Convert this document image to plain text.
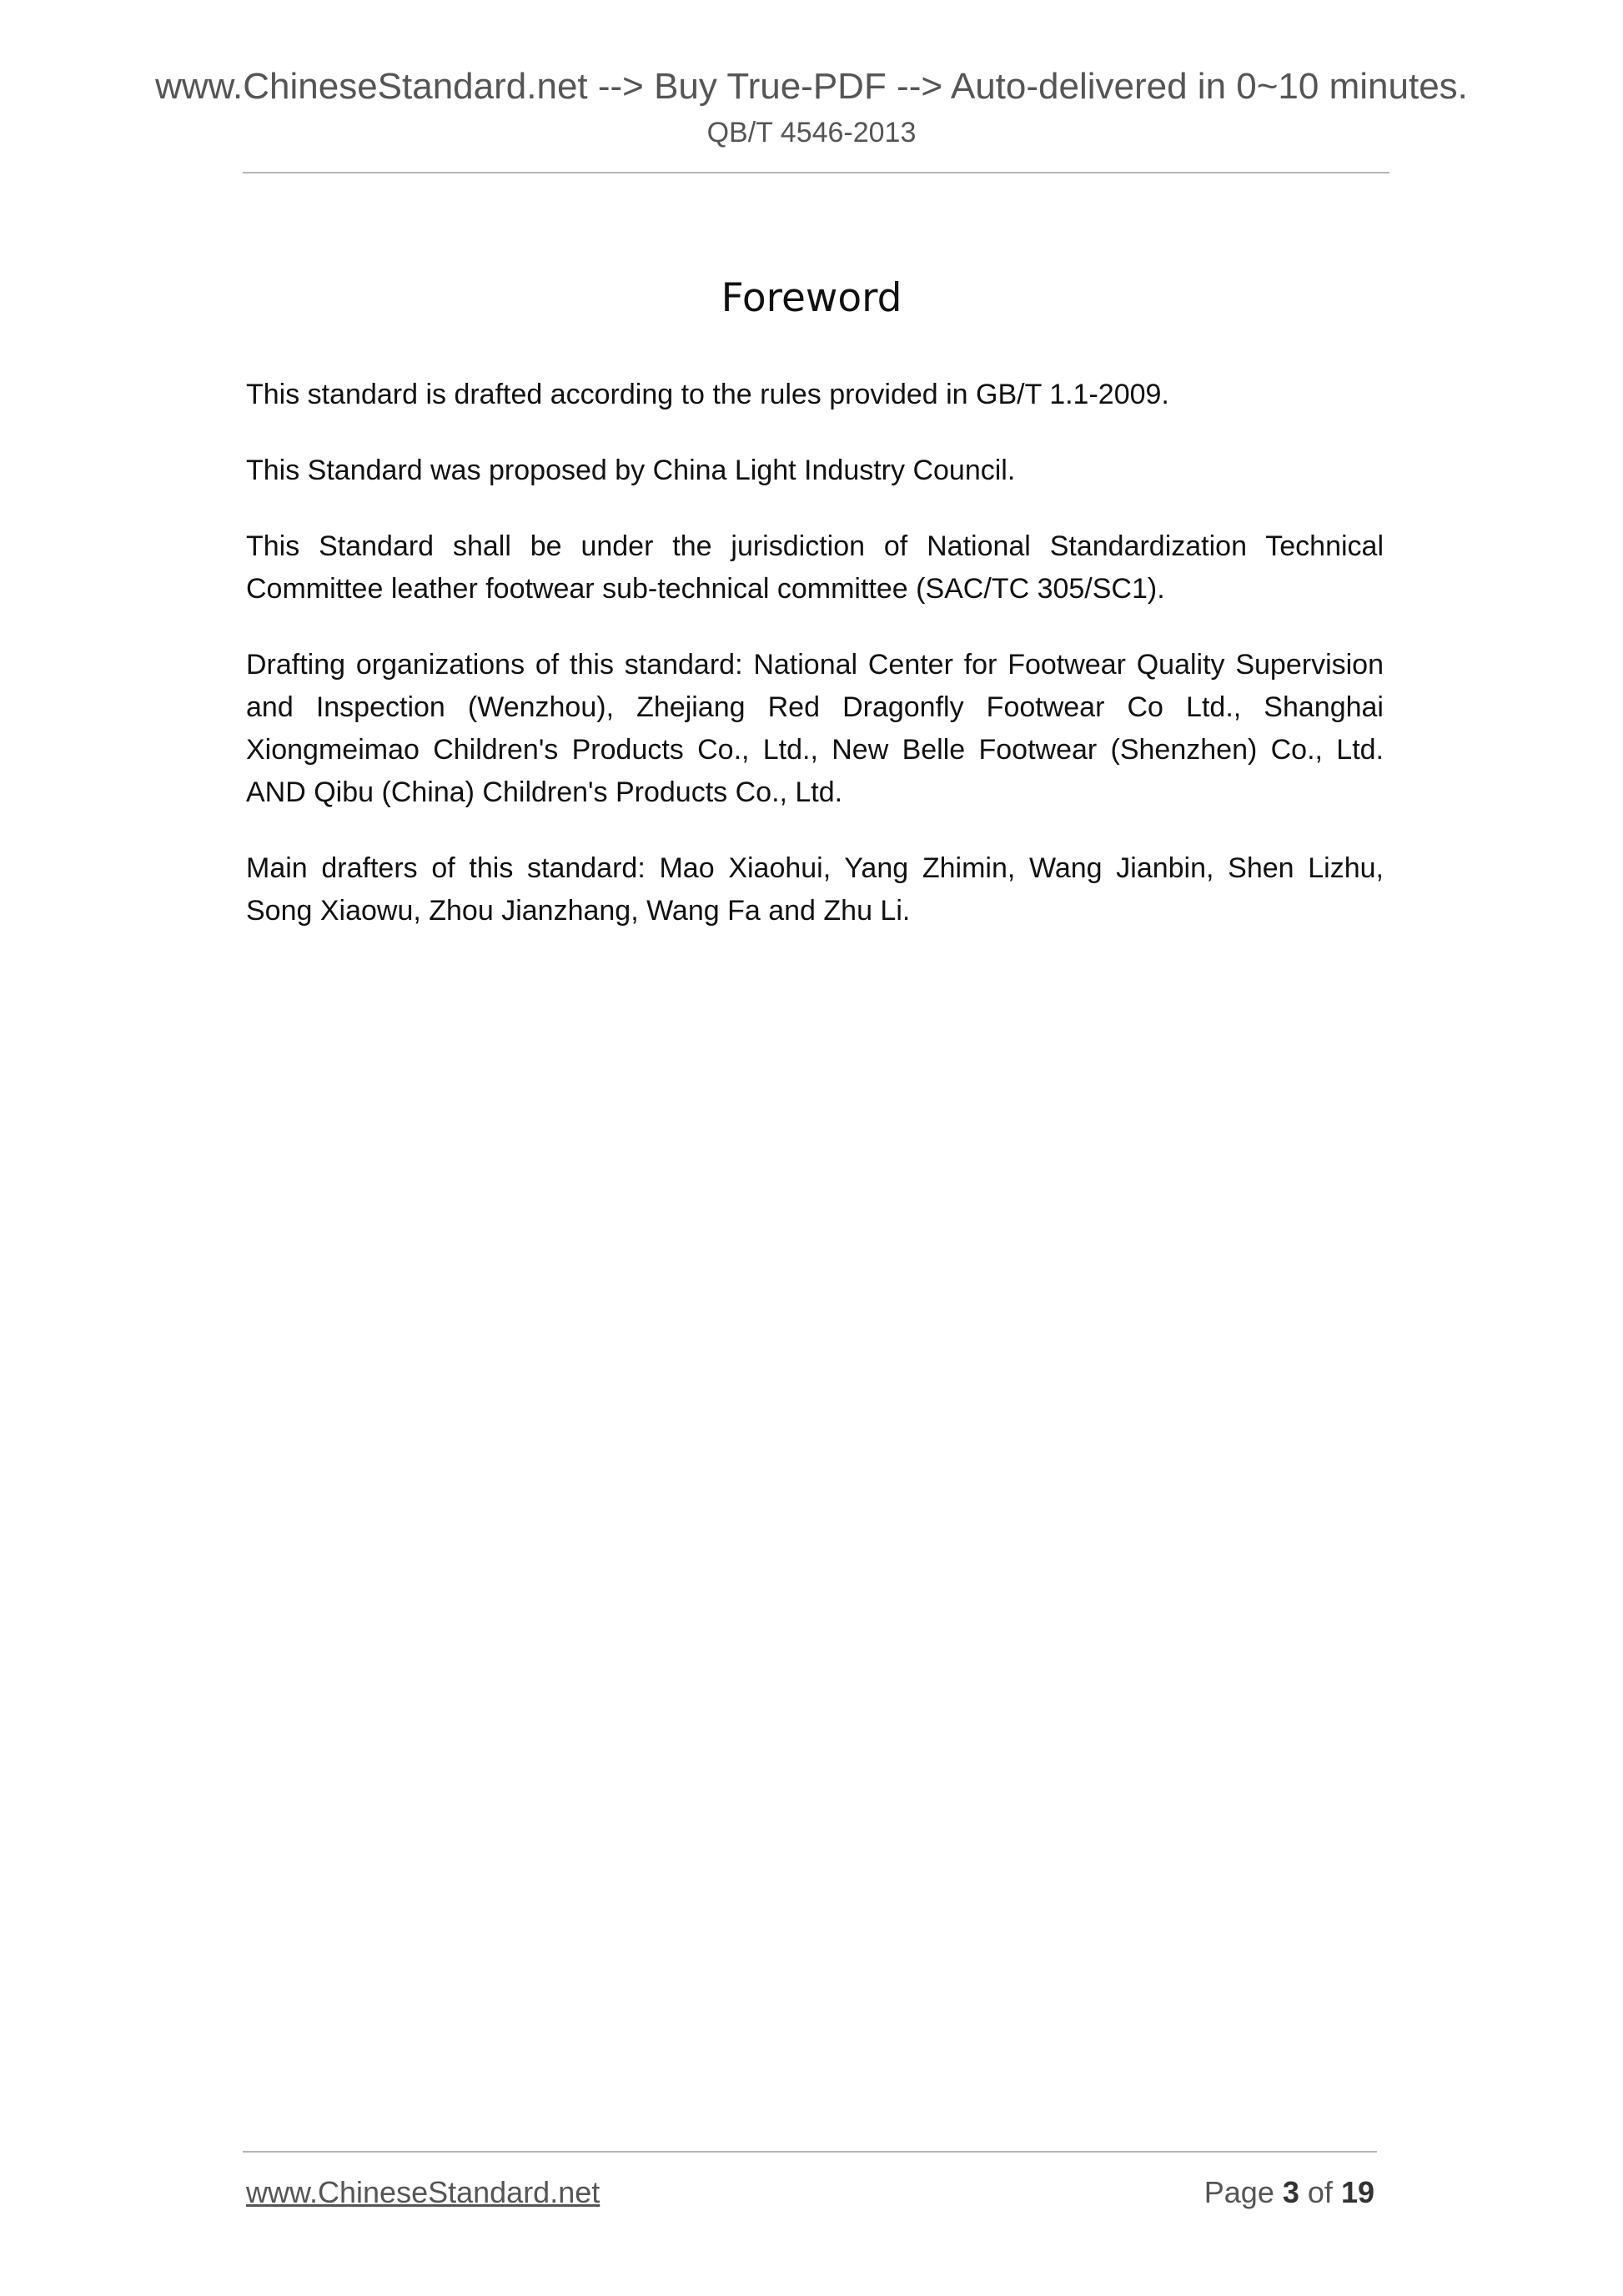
www.ChineseStandard.net --> Buy True-PDF --> Auto-delivered in 0~10 minutes.
QB/T 4546-2013
Foreword

This standard is drafted according to the rules provided in GB/T 1.1-2009.

This Standard was proposed by China Light Industry Council.

This Standard shall be under the jurisdiction of National Standardization Technical Committee leather footwear sub-technical committee (SAC/TC 305/SC1).

Drafting organizations of this standard: National Center for Footwear Quality Supervision and Inspection (Wenzhou), Zhejiang Red Dragonfly Footwear Co Ltd., Shanghai Xiongmeimao Children's Products Co., Ltd., New Belle Footwear (Shenzhen) Co., Ltd. AND Qibu (China) Children's Products Co., Ltd.

Main drafters of this standard: Mao Xiaohui, Yang Zhimin, Wang Jianbin, Shen Lizhu, Song Xiaowu, Zhou Jianzhang, Wang Fa and Zhu Li.

www.ChineseStandard.net	Page 3 of 19
